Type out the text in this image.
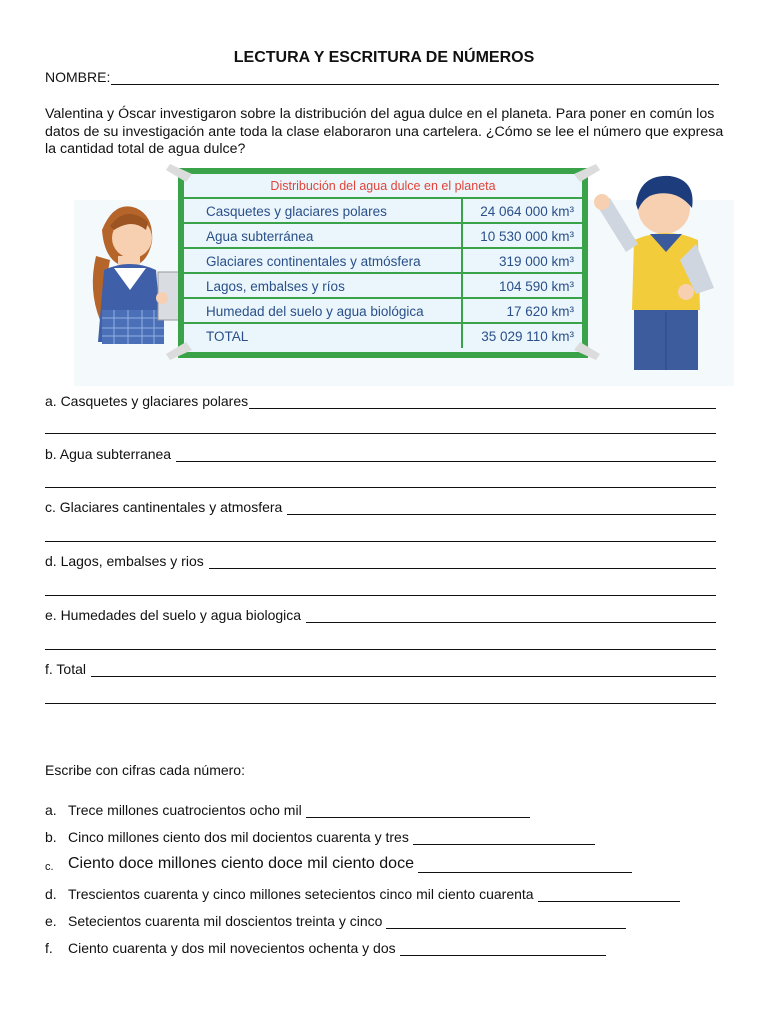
LECTURA Y ESCRITURA DE NÚMEROS
NOMBRE:
Valentina y Óscar investigaron sobre la distribución del agua dulce en el planeta. Para poner en común los datos de su investigación ante toda la clase elaboraron una cartelera. ¿Cómo se lee el número que expresa la cantidad total de agua dulce?
Casquetes y glaciares polares	24 064 000 km³
Agua subterránea	10 530 000 km³
Glaciares continentales y atmósfera	319 000 km³
Lagos, embalses y ríos	104 590 km³
Humedad del suelo y agua biológica	17 620 km³
TOTAL	35 029 110 km³
Distribución del agua dulce en el planeta
a. Casquetes y glaciares polares
b. Agua subterranea
c. Glaciares cantinentales y atmosfera
d. Lagos, embalses y rios
e. Humedades del suelo y agua biologica
f. Total
Escribe con cifras cada número:
a. Trece millones cuatrocientos ocho mil
b. Cinco millones ciento dos mil docientos cuarenta y tres
c. Ciento doce millones ciento doce mil ciento doce
d. Trescientos cuarenta y cinco millones setecientos cinco mil ciento cuarenta
e. Setecientos cuarenta mil doscientos treinta y cinco
f.	Ciento cuarenta y dos mil novecientos ochenta y dos
